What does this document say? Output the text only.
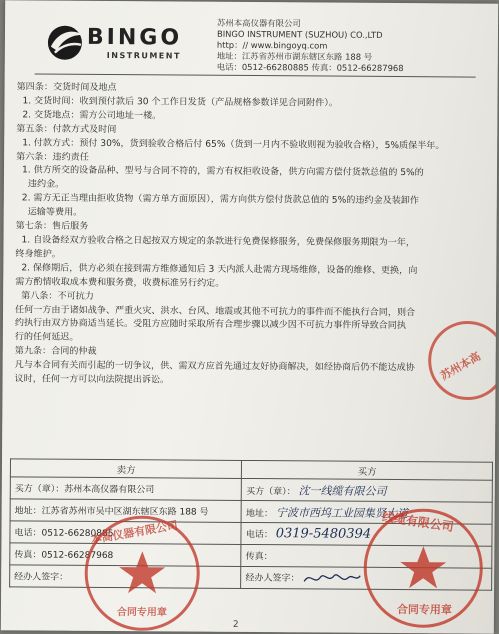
BINGO
INSTRUMENT
苏州本高仪器有限公司
BINGO INSTRUMENT (SUZHOU) CO.,LTD
http：// www.bingoyq.com
地址：江苏省苏州市湖东辖区东路 188 号
电话：0512-66280885 传真：0512-66287968
第四条：交货时间及地点
1. 交货时间：收到预付款后 30 个工作日发货（产品规格参数详见合同附件）。
2. 交货地点：需方公司地址一楼。
第五条：付款方式及时间
1. 付款方式：预付 30%，货到验收合格后付 65%（货到一月内不验收则视为验收合格），5%质保半年。
第六条：违约责任
1. 供方所交的设备品种、型号与合同不符的，需方有权拒收设备，供方向需方偿付货款总值的 5%的
违约金。
2. 需方无正当理由拒收货物（需方单方面原因），需方向供方偿付货款总值的 5%的违约金及装卸作
运输等费用。
第七条：售后服务
1. 自设备经双方验收合格之日起按双方规定的条款进行免费保修服务，免费保修服务期限为一年，
终身维护。
2. 保修期后，供方必须在接到需方维修通知后 3 天内派人赴需方现场维修，设备的维修、更换，向
需方酌情收取成本费和服务费，收费标准另行约定。
第八条：不可抗力
任何一方由于诸如战争、严重火灾、洪水、台风、地震或其他不可抗力的事件而不能执行合同，则合
约执行由双方协商适当延长。受阻方应随时采取所有合理步骤以减少因不可抗力事件所导致合同执
行的任何延迟。
第九条：合同的仲裁
凡与本合同有关而引起的一切争议，供、需双方应首先通过友好协商解决，如经协商后仍不能达成协
议时，任何一方可以向法院提出诉讼。
卖方	买方
买方（章）：苏州本高仪器有限公司	买方（章）： 沈一线缆有限公司
地址：江苏省苏州市吴中区湖东辖区东路 188 号	地址： 宁波市西坞工业园集贤大道
电话：0512-66280885	电话： 0319-5480394
传真：0512-66287968	传真：
经办人签字：	经办人签字：
苏州本高
本高仪器有限公司
合同专用章
线缆有限公司
合同专用章
2
